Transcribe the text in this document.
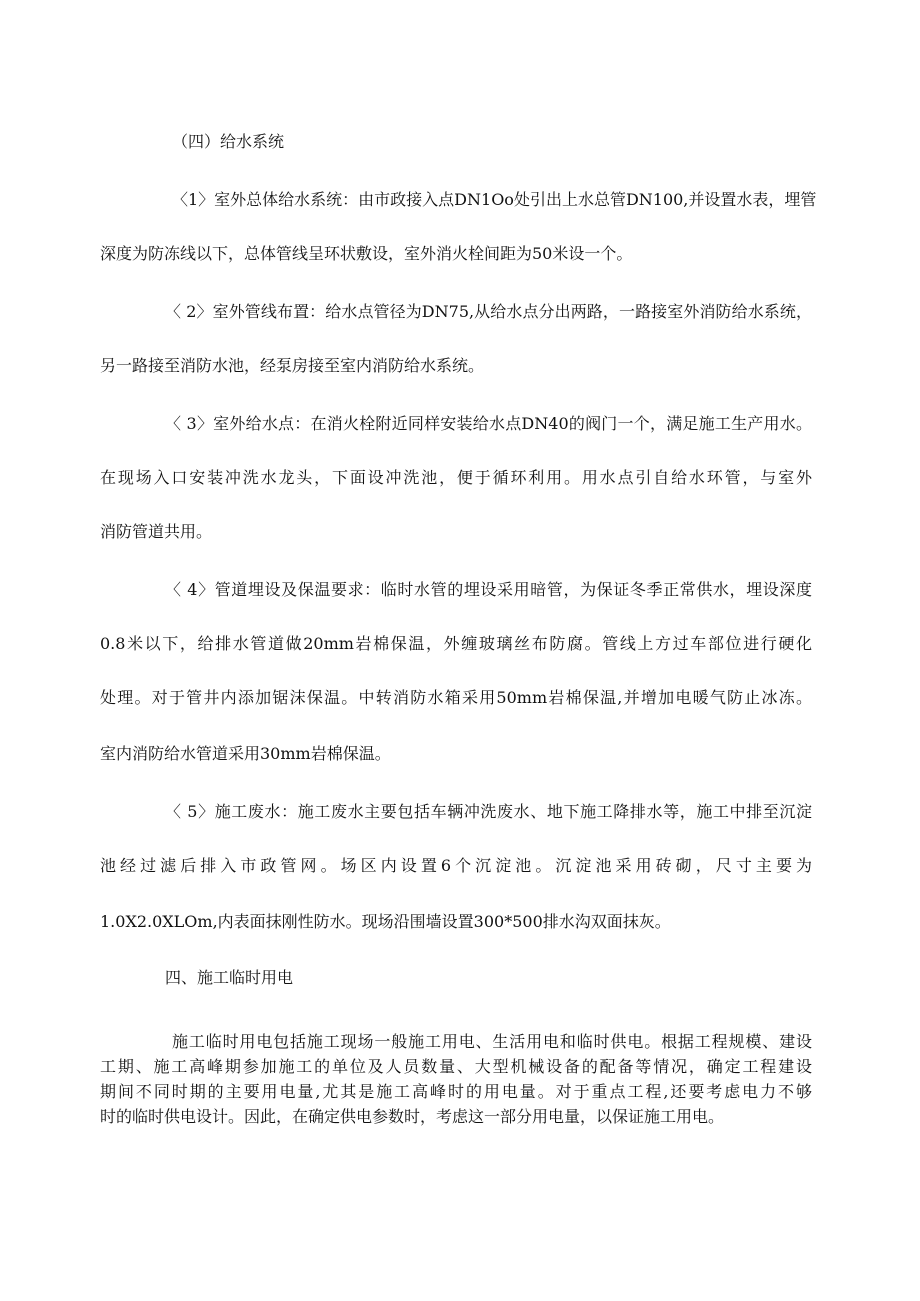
（四）给水系统
〈1〉室外总体给水系统：由市政接入点DN1Oo处引出上水总管DN100,并设置水表，埋管
深度为防冻线以下，总体管线呈环状敷设，室外消火栓间距为50米设一个。
〈 2〉室外管线布置：给水点管径为DN75,从给水点分出两路，一路接室外消防给水系统，
另一路接至消防水池，经泵房接至室内消防给水系统。
〈 3〉室外给水点：在消火栓附近同样安装给水点DN40的阀门一个，满足施工生产用水。
在现场入口安装冲洗水龙头，下面设冲洗池，便于循环利用。用水点引自给水环管，与室外
消防管道共用。
〈 4〉管道埋设及保温要求：临时水管的埋设采用暗管，为保证冬季正常供水，埋设深度
0.8米以下，给排水管道做20mm岩棉保温，外缠玻璃丝布防腐。管线上方过车部位进行硬化
处理。对于管井内添加锯沫保温。中转消防水箱采用50mm岩棉保温,并增加电暖气防止冰冻。
室内消防给水管道采用30mm岩棉保温。
〈 5〉施工废水：施工废水主要包括车辆冲洗废水、地下施工降排水等，施工中排至沉淀
池经过滤后排入市政管网。场区内设置6个沉淀池。沉淀池采用砖砌，尺寸主要为
1.0X2.0XLOm,内表面抹刚性防水。现场沿围墙设置300*500排水沟双面抹灰。
四、施工临时用电
施工临时用电包括施工现场一般施工用电、生活用电和临时供电。根据工程规模、建设
工期、施工高峰期参加施工的单位及人员数量、大型机械设备的配备等情况，确定工程建设
期间不同时期的主要用电量,尤其是施工高峰时的用电量。对于重点工程,还要考虑电力不够
时的临时供电设计。因此，在确定供电参数时，考虑这一部分用电量，以保证施工用电。
